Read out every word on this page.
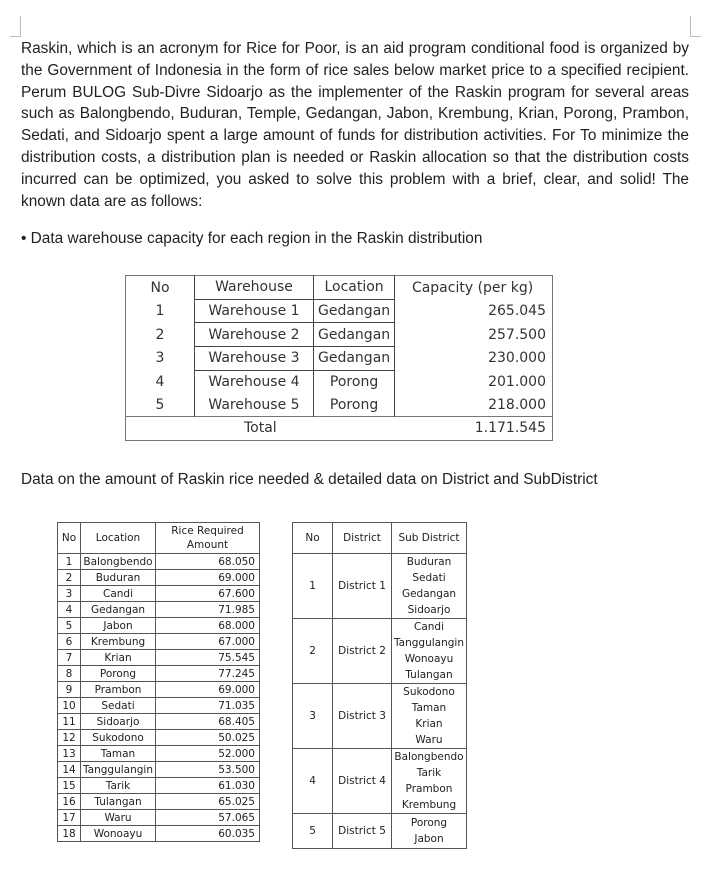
Raskin, which is an acronym for Rice for Poor, is an aid program conditional food is organized by the Government of Indonesia in the form of rice sales below market price to a specified recipient. Perum BULOG Sub-Divre Sidoarjo as the implementer of the Raskin program for several areas such as Balongbendo, Buduran, Temple, Gedangan, Jabon, Krembung, Krian, Porong, Prambon, Sedati, and Sidoarjo spent a large amount of funds for distribution activities. For To minimize the distribution costs, a distribution plan is needed or Raskin allocation so that the distribution costs incurred can be optimized, you asked to solve this problem with a brief, clear, and solid! The known data are as follows:

• Data warehouse capacity for each region in the Raskin distribution
No	Warehouse	Location	Capacity (per kg)
1	Warehouse 1	Gedangan	265.045
2	Warehouse 2	Gedangan	257.500
3	Warehouse 3	Gedangan	230.000
4	Warehouse 4	Porong	201.000
5	Warehouse 5	Porong	218.000
Total			1.171.545
Data on the amount of Raskin rice needed & detailed data on District and SubDistrict
No	Location	Rice Required
Amount

1	Balongbendo	68.050
2	Buduran	69.000
3	Candi	67.600
4	Gedangan	71.985
5	Jabon	68.000
6	Krembung	67.000
7	Krian	75.545
8	Porong	77.245
9	Prambon	69.000
10	Sedati	71.035
11	Sidoarjo	68.405
12	Sukodono	50.025
13	Taman	52.000
14	Tanggulangin	53.500
15	Tarik	61.030
16	Tulangan	65.025
17	Waru	57.065
18	Wonoayu	60.035
No	District	Sub District
1	District 1	Buduran
Sedati
Gedangan
Sidoarjo

2	District 2	Candi
Tanggulangin
Wonoayu
Tulangan

3	District 3	Sukodono
Taman
Krian
Waru

4	District 4	Balongbendo
Tarik
Prambon
Krembung

5	District 5	Porong
Jabon
